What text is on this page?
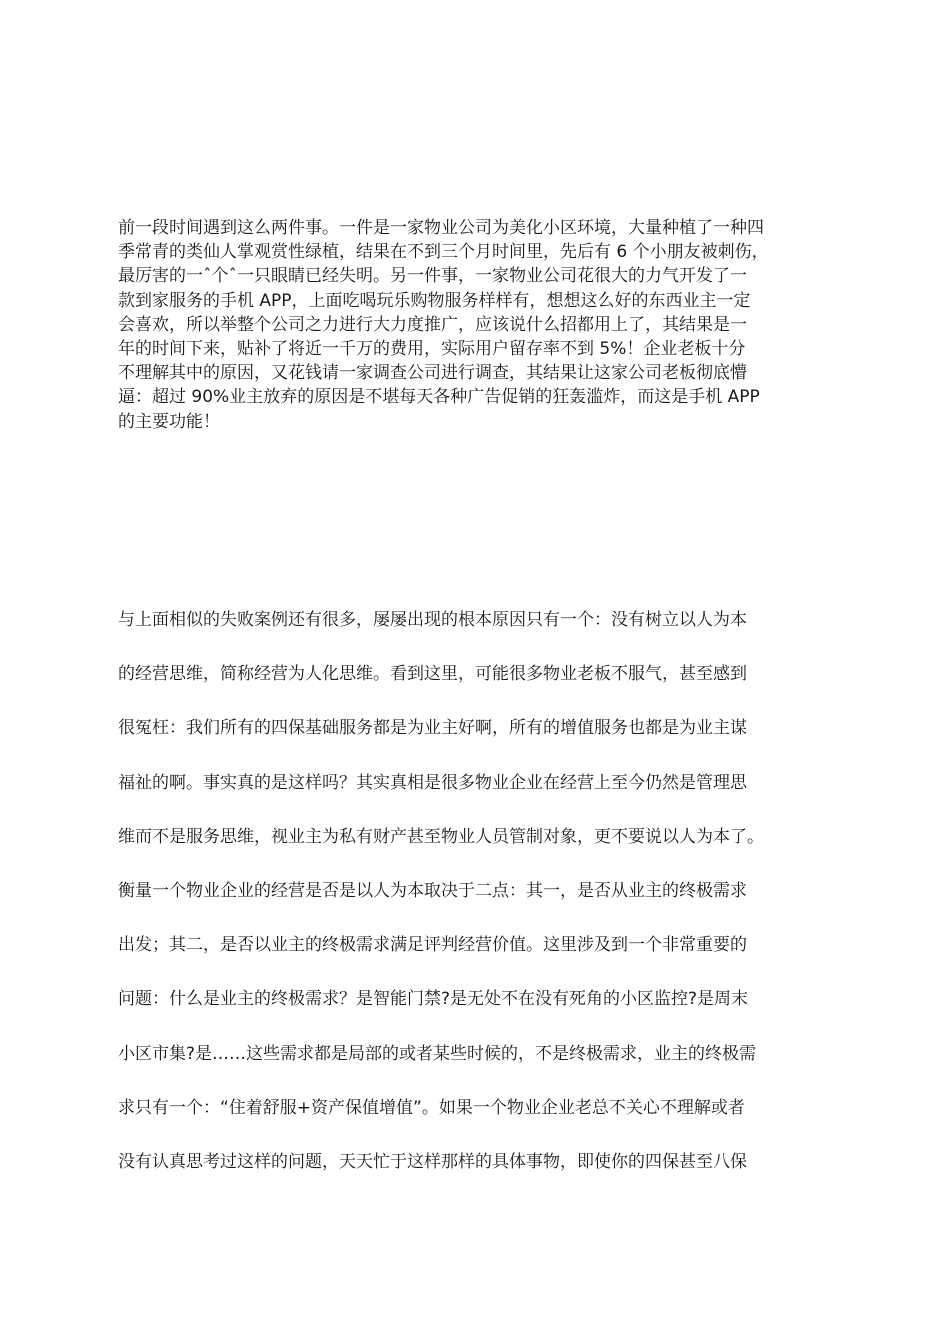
前一段时间遇到这么两件事。一件是一家物业公司为美化小区环境，大量种植了一种四
季常青的类仙人掌观赏性绿植，结果在不到三个月时间里，先后有 6 个小朋友被刺伤，
最厉害的一ˆ个ˆ一只眼睛已经失明。另一件事，一家物业公司花很大的力气开发了一
款到家服务的手机 APP，上面吃喝玩乐购物服务样样有，想想这么好的东西业主一定
会喜欢，所以举整个公司之力进行大力度推广，应该说什么招都用上了，其结果是一
年的时间下来，贴补了将近一千万的费用，实际用户留存率不到 5%！企业老板十分
不理解其中的原因，又花钱请一家调查公司进行调查，其结果让这家公司老板彻底懵
逼：超过 90%业主放弃的原因是不堪每天各种广告促销的狂轰滥炸，而这是手机 APP
的主要功能！
与上面相似的失败案例还有很多，屡屡出现的根本原因只有一个：没有树立以人为本
的经营思维，简称经营为人化思维。看到这里，可能很多物业老板不服气，甚至感到
很冤枉：我们所有的四保基础服务都是为业主好啊，所有的增值服务也都是为业主谋
福祉的啊。事实真的是这样吗？其实真相是很多物业企业在经营上至今仍然是管理思
维而不是服务思维，视业主为私有财产甚至物业人员管制对象，更不要说以人为本了。
衡量一个物业企业的经营是否是以人为本取决于二点：其一，是否从业主的终极需求
出发；其二，是否以业主的终极需求满足评判经营价值。这里涉及到一个非常重要的
问题：什么是业主的终极需求？是智能门禁?是无处不在没有死角的小区监控?是周末
小区市集?是……这些需求都是局部的或者某些时候的，不是终极需求，业主的终极需
求只有一个：“住着舒服+资产保值增值”。如果一个物业企业老总不关心不理解或者
没有认真思考过这样的问题，天天忙于这样那样的具体事物，即使你的四保甚至八保
